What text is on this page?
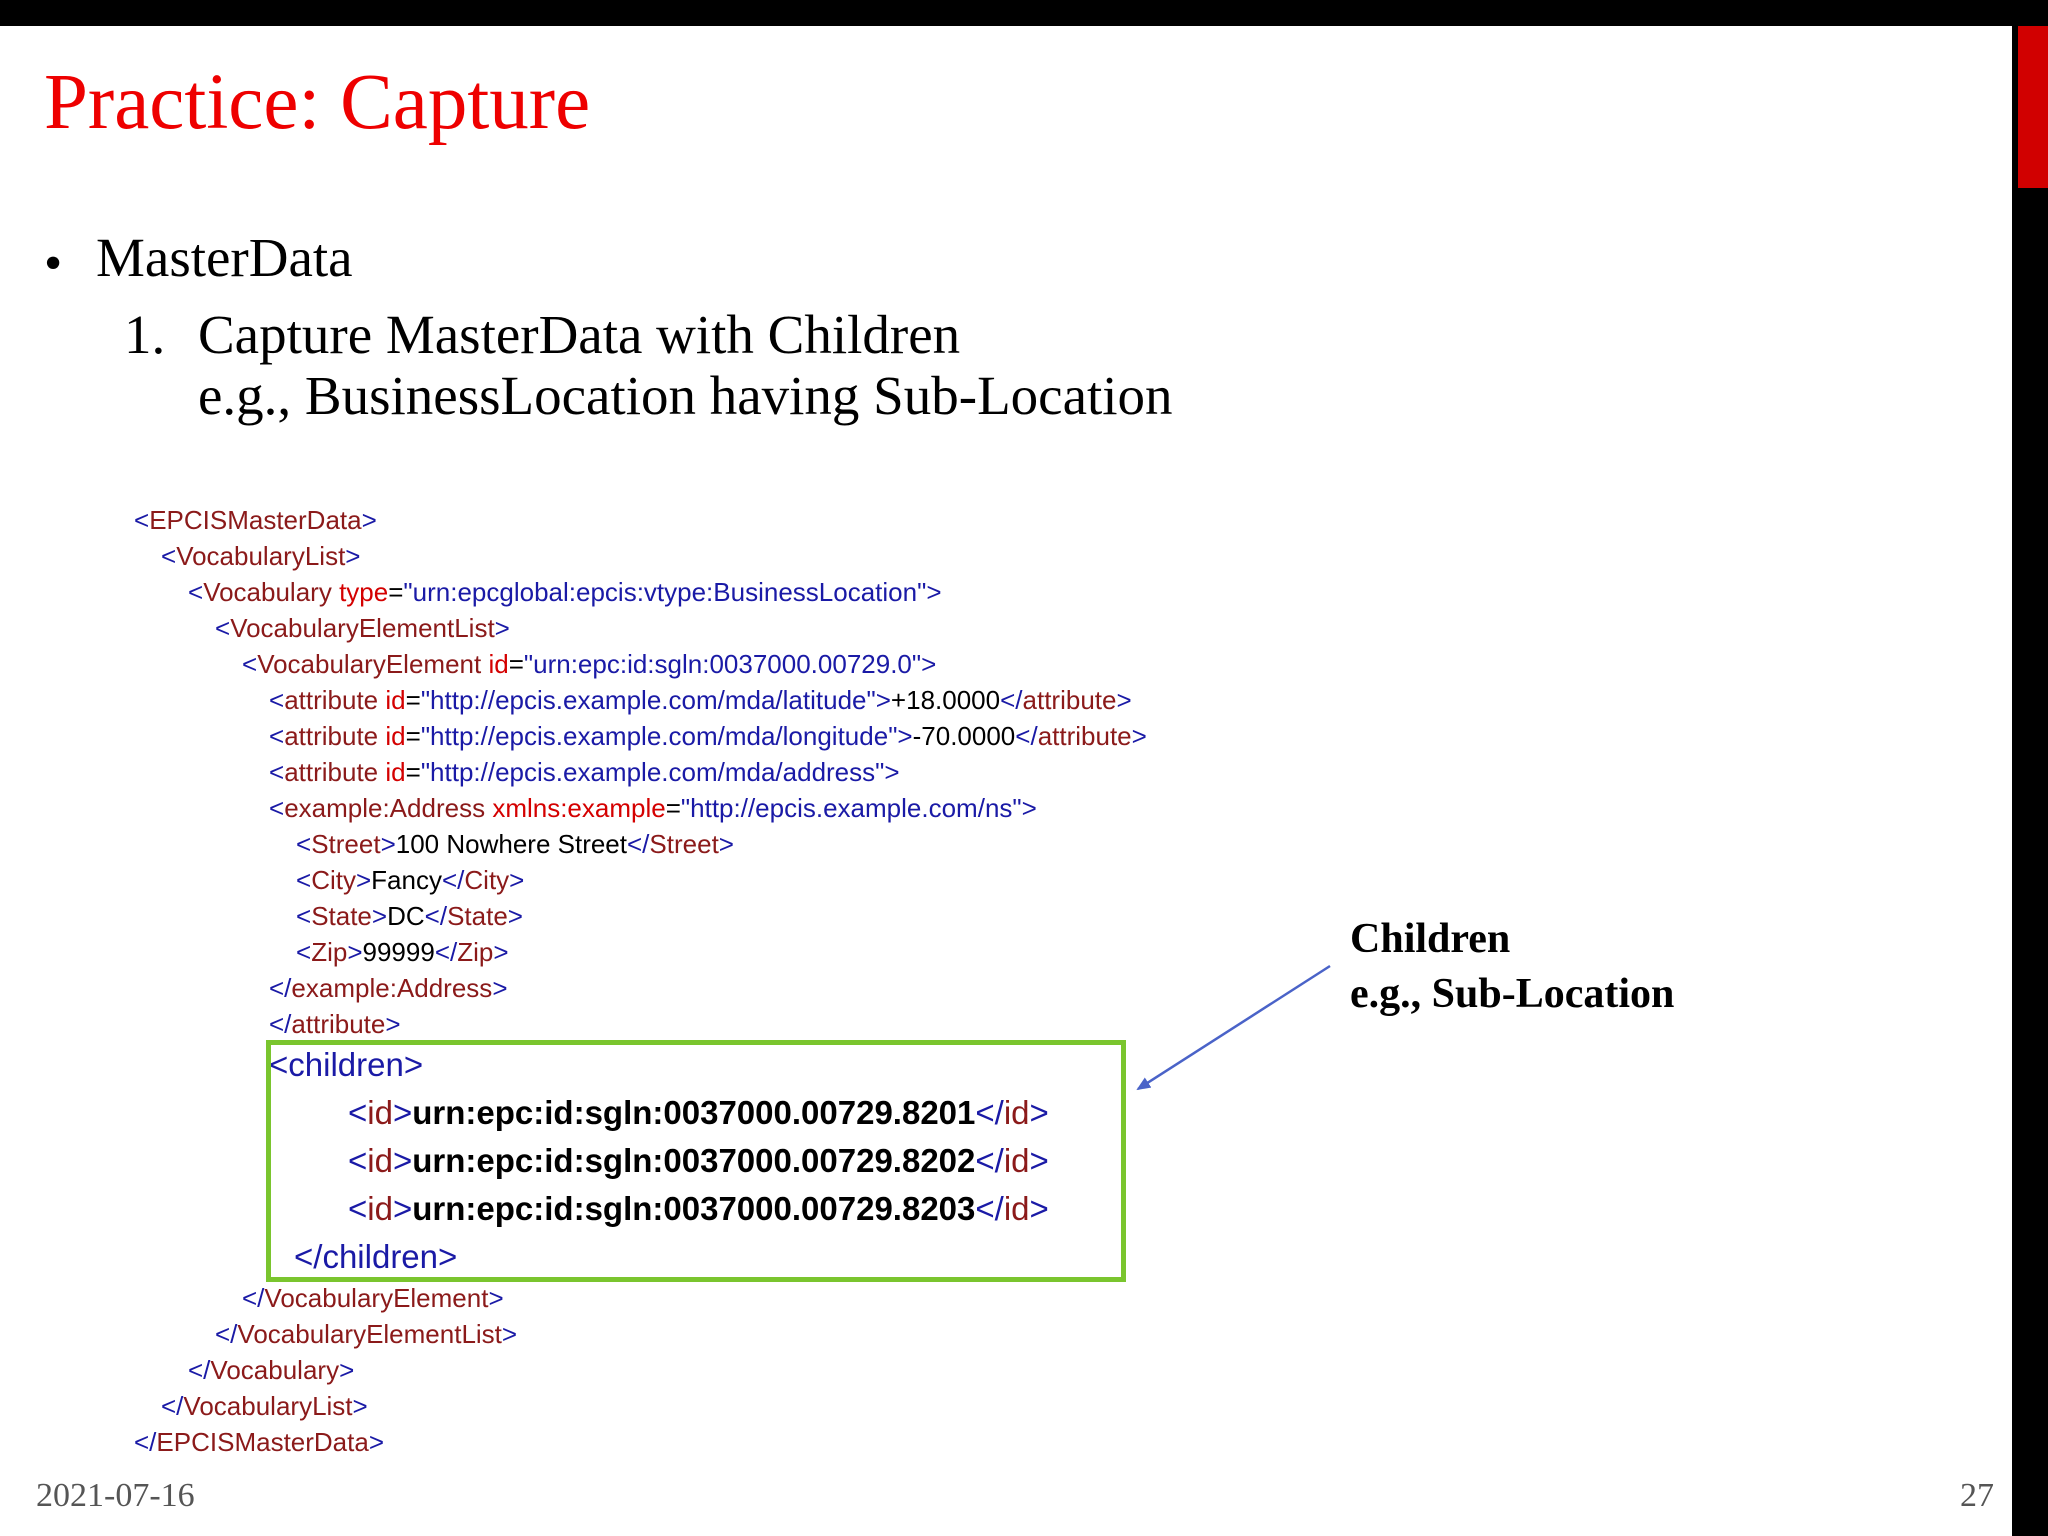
Practice: Capture
• MasterData
1. Capture MasterData with Children
e.g., BusinessLocation having Sub-Location
<EPCISMasterData>
<VocabularyList>
<Vocabulary type="urn:epcglobal:epcis:vtype:BusinessLocation">
<VocabularyElementList>
<VocabularyElement id="urn:epc:id:sgln:0037000.00729.0">
<attribute id="http://epcis.example.com/mda/latitude">+18.0000</attribute>
<attribute id="http://epcis.example.com/mda/longitude">-70.0000</attribute>
<attribute id="http://epcis.example.com/mda/address">
<example:Address xmlns:example="http://epcis.example.com/ns">
<Street>100 Nowhere Street</Street>
<City>Fancy</City>
<State>DC</State>
<Zip>99999</Zip>
</example:Address>
</attribute>
<children>
<id>urn:epc:id:sgln:0037000.00729.8201</id>
<id>urn:epc:id:sgln:0037000.00729.8202</id>
<id>urn:epc:id:sgln:0037000.00729.8203</id>
</children>
</VocabularyElement>
</VocabularyElementList>
</Vocabulary>
</VocabularyList>
</EPCISMasterData>
Children
e.g., Sub-Location
2021-07-16	27
